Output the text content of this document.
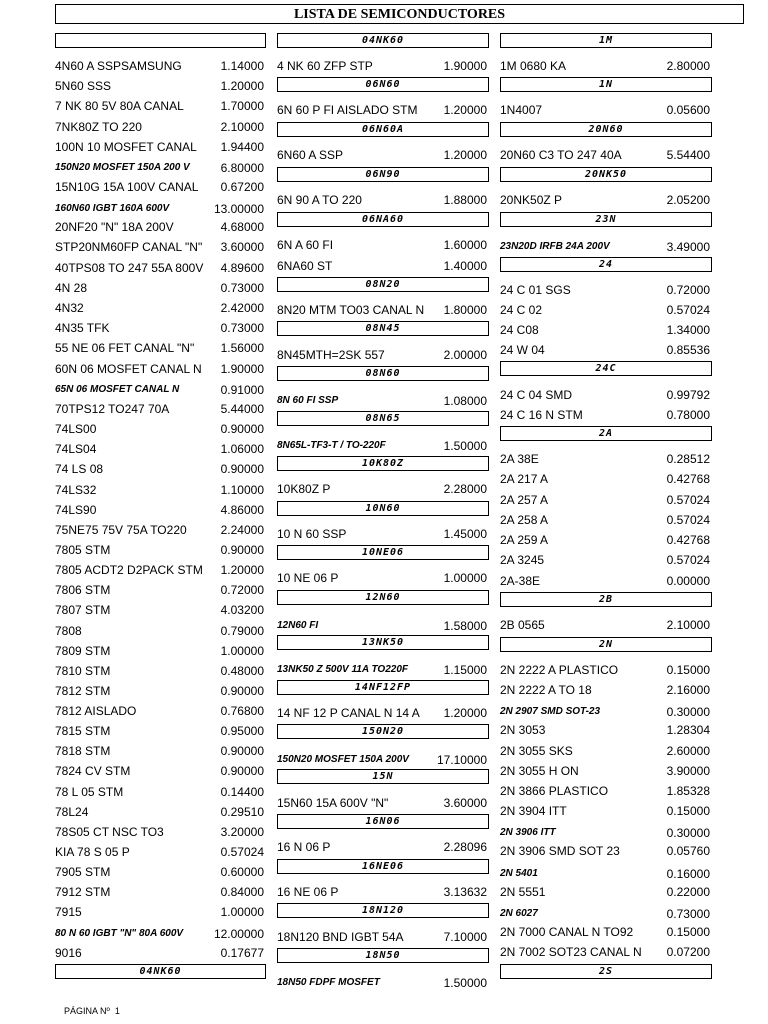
LISTA DE SEMICONDUCTORES
4N60 A SSPSAMSUNG	1.14000
5N60 SSS	1.20000
7 NK 80 5V 80A CANAL	1.70000
7NK80Z TO 220	2.10000
100N 10 MOSFET CANAL 1.94400
150N20 MOSFET 150A 200 V	6.80000
15N10G 15A 100V CANAL 0.67200
160N60 IGBT 160A 600V	13.00000
20NF20 "N" 18A 200V	4.68000
STP20NM60FP CANAL "N" 3.60000
40TPS08 TO 247 55A 800V 4.89600
4N 28	0.73000
4N32	2.42000
4N35 TFK	0.73000
55 NE 06 FET CANAL "N" 1.56000
60N 06 MOSFET CANAL N 1.90000
65N 06 MOSFET CANAL N	0.91000
70TPS12 TO247 70A	5.44000
74LS00	0.90000
74LS04	1.06000
74 LS 08	0.90000
74LS32	1.10000
74LS90	4.86000
75NE75 75V 75A TO220	2.24000
7805 STM	0.90000
7805 ACDT2 D2PACK STM 1.20000
7806 STM	0.72000
7807 STM	4.03200
7808	0.79000
7809 STM	1.00000
7810 STM	0.48000
7812 STM	0.90000
7812 AISLADO	0.76800
7815 STM	0.95000
7818 STM	0.90000
7824 CV STM	0.90000
78 L 05 STM	0.14400
78L24	0.29510
78S05 CT NSC TO3	3.20000
KIA 78 S 05 P	0.57024
7905 STM	0.60000
7912 STM	0.84000
7915	1.00000
80 N 60 IGBT "N" 80A 600V	12.00000
9016	0.17677
04NK60
04NK60
4 NK 60 ZFP STP	1.90000
06N60
6N 60 P FI AISLADO STM 1.20000
06N60A
6N60 A SSP	1.20000
06N90
6N 90 A TO 220	1.88000
06NA60
6N A 60 FI	1.60000
6NA60 ST	1.40000
08N20
8N20 MTM TO03 CANAL N 1.80000
08N45
8N45MTH=2SK 557	2.00000
08N60
8N 60 FI SSP	1.08000
08N65
8N65L-TF3-T / TO-220F	1.50000
10K80Z
10K80Z P	2.28000
10N60
10 N 60 SSP	1.45000
10NE06
10 NE 06 P	1.00000
12N60
12N60 FI	1.58000
13NK50
13NK50 Z 500V 11A TO220F	1.15000
14NF12FP
14 NF 12 P CANAL N 14 A 1.20000
150N20
150N20 MOSFET 150A 200V 17.10000
15N
15N60 15A 600V "N"	3.60000
16N06
16 N 06 P	2.28096
16NE06
16 NE 06 P	3.13632
18N120
18N120 BND IGBT 54A	7.10000
18N50
18N50 FDPF MOSFET	1.50000
1M
1M 0680 KA	2.80000
1N
1N4007	0.05600
20N60
20N60 C3 TO 247 40A	5.54400
20NK50
20NK50Z P	2.05200
23N
23N20D IRFB 24A 200V	3.49000
24
24 C 01 SGS	0.72000
24 C 02	0.57024
24 C08	1.34000
24 W 04	0.85536
24C
24 C 04 SMD	0.99792
24 C 16 N STM	0.78000
2A
2A 38E	0.28512
2A 217 A	0.42768
2A 257 A	0.57024
2A 258 A	0.57024
2A 259 A	0.42768
2A 3245	0.57024
2A-38E	0.00000
2B
2B 0565	2.10000
2N
2N 2222 A PLASTICO	0.15000
2N 2222 A TO 18	2.16000
2N 2907 SMD SOT-23	0.30000
2N 3053	1.28304
2N 3055 SKS	2.60000
2N 3055 H ON	3.90000
2N 3866 PLASTICO	1.85328
2N 3904 ITT	0.15000
2N 3906 ITT	0.30000
2N 3906 SMD SOT 23	0.05760
2N 5401	0.16000
2N 5551	0.22000
2N 6027	0.73000
2N 7000 CANAL N TO92	0.15000
2N 7002 SOT23 CANAL N 0.07200
2S
PÁGINA Nº 1
